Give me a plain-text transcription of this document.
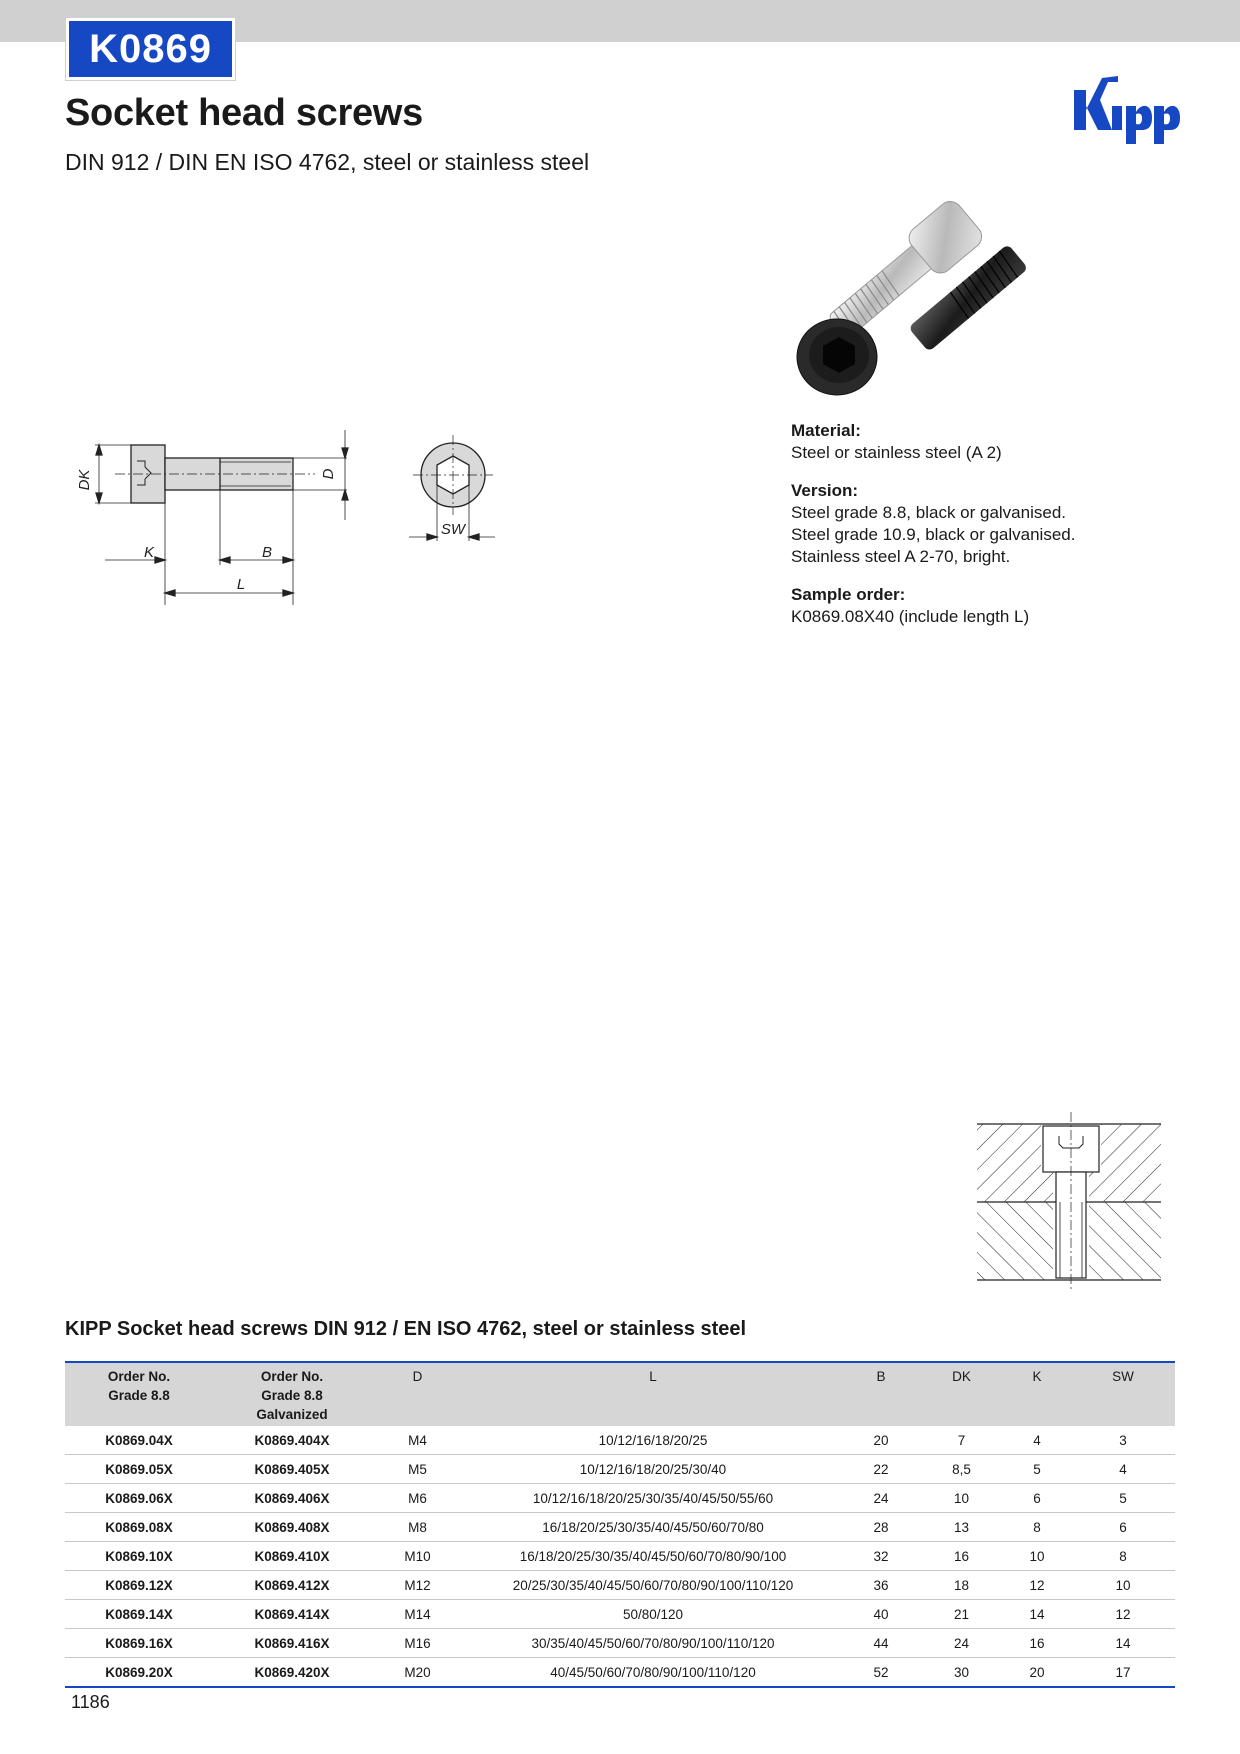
K0869
Socket head screws
DIN 912 / DIN EN ISO 4762, steel or stainless steel
DK	D
K	B
L
SW
Material:
Steel or stainless steel (A 2)
Version:
Steel grade 8.8, black or galvanised.
Steel grade 10.9, black or galvanised.
Stainless steel A 2-70, bright.
Sample order:
K0869.08X40 (include length L)
KIPP Socket head screws DIN 912 / EN ISO 4762, steel or stainless steel
Order No.
Grade 8.8	Order No.
Grade 8.8
Galvanized	D	L	B	DK	K	SW
K0869.04X	K0869.404X	M4	10/12/16/18/20/25	20	7	4	3
K0869.05X	K0869.405X	M5	10/12/16/18/20/25/30/40	22	8,5	5	4
K0869.06X	K0869.406X	M6	10/12/16/18/20/25/30/35/40/45/50/55/60	24	10	6	5
K0869.08X	K0869.408X	M8	16/18/20/25/30/35/40/45/50/60/70/80	28	13	8	6
K0869.10X	K0869.410X	M10	16/18/20/25/30/35/40/45/50/60/70/80/90/100	32	16	10	8
K0869.12X	K0869.412X	M12	20/25/30/35/40/45/50/60/70/80/90/100/110/120	36	18	12	10
K0869.14X	K0869.414X	M14	50/80/120	40	21	14	12
K0869.16X	K0869.416X	M16	30/35/40/45/50/60/70/80/90/100/110/120	44	24	16	14
K0869.20X	K0869.420X	M20	40/45/50/60/70/80/90/100/110/120	52	30	20	17
1186
